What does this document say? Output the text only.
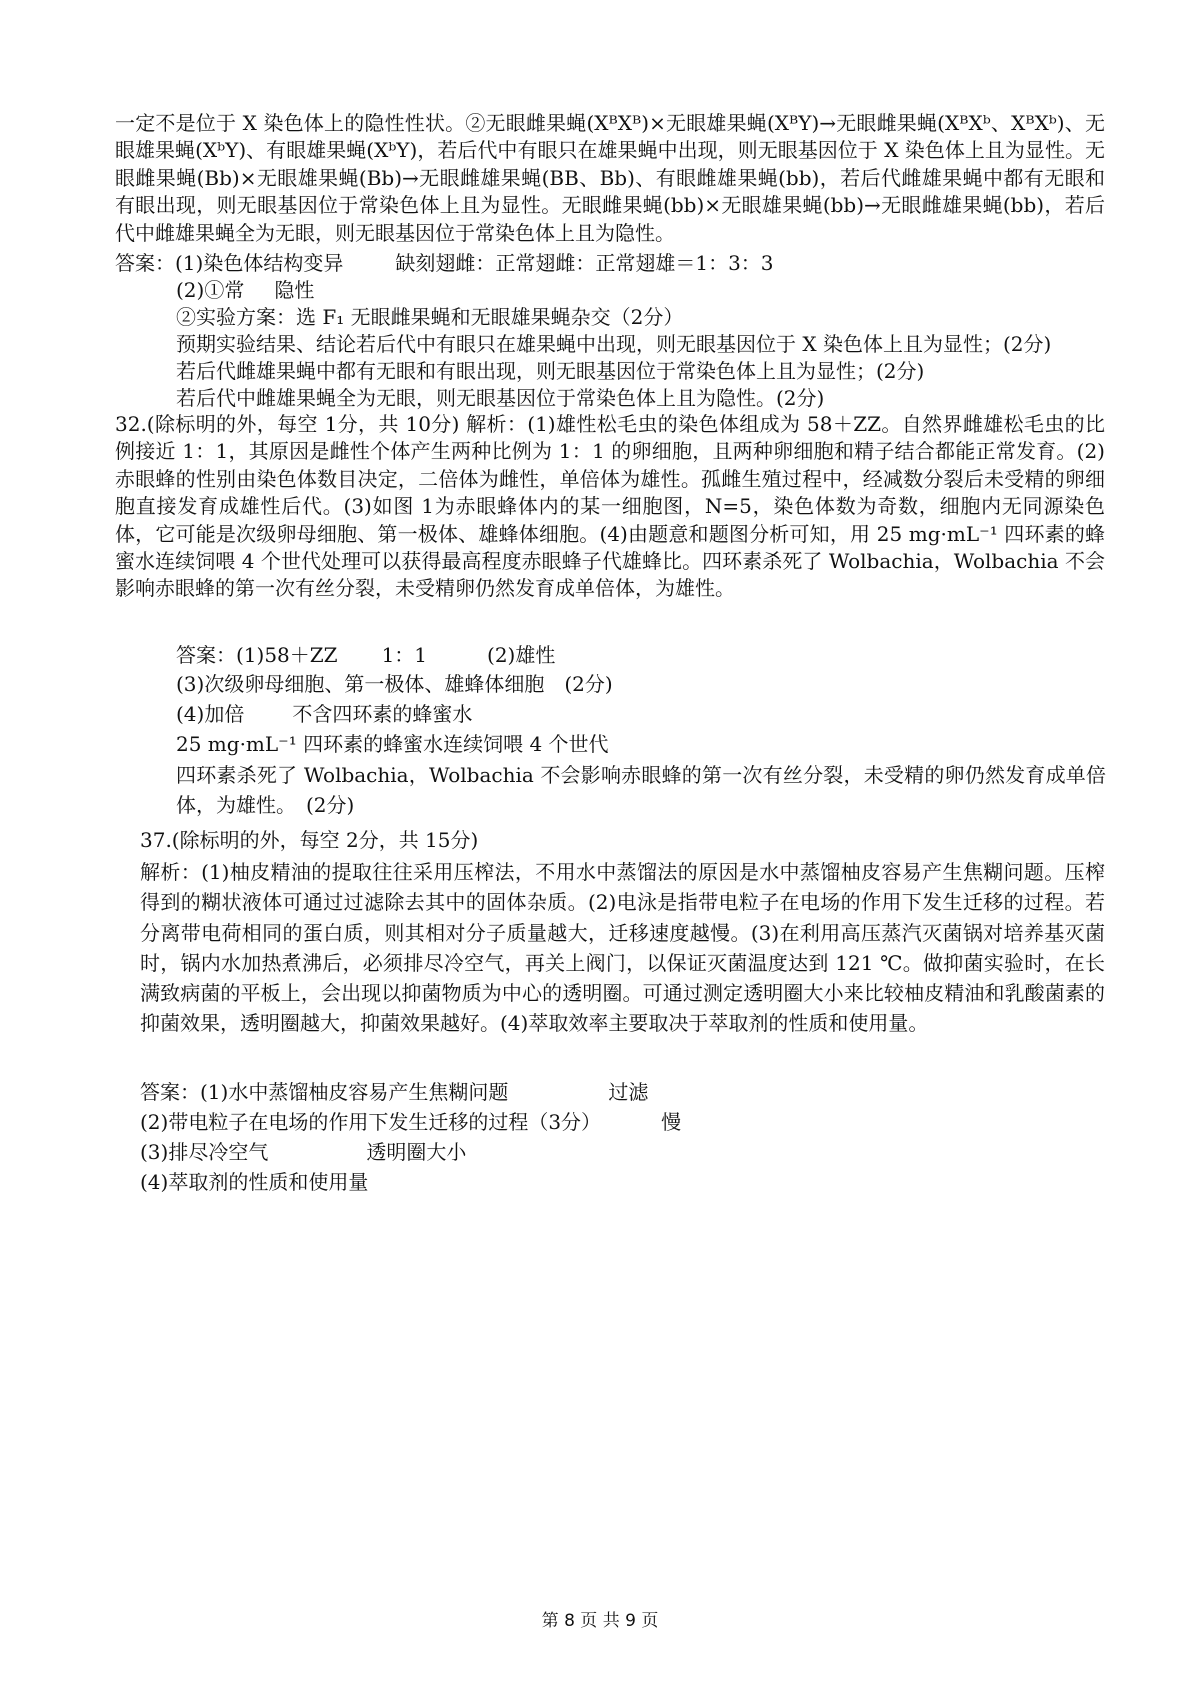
一定不是位于 X 染色体上的隐性性状。②无眼雌果蝇(XᴮXᴮ)×无眼雄果蝇(XᴮY)→无眼雌果蝇(XᴮXᵇ、XᴮXᵇ)、无眼雄果蝇(XᵇY)、有眼雄果蝇(XᵇY)，若后代中有眼只在雄果蝇中出现，则无眼基因位于 X 染色体上且为显性。无眼雌果蝇(Bb)×无眼雄果蝇(Bb)→无眼雌雄果蝇(BB、Bb)、有眼雌雄果蝇(bb)，若后代雌雄果蝇中都有无眼和有眼出现，则无眼基因位于常染色体上且为显性。无眼雌果蝇(bb)×无眼雄果蝇(bb)→无眼雌雄果蝇(bb)，若后代中雌雄果蝇全为无眼，则无眼基因位于常染色体上且为隐性。

答案：(1)染色体结构变异	缺刻翅雌：正常翅雌：正常翅雄＝1：3：3
(2)①常 隐性
②实验方案：选 F₁ 无眼雌果蝇和无眼雄果蝇杂交（2分）
预期实验结果、结论若后代中有眼只在雄果蝇中出现，则无眼基因位于 X 染色体上且为显性；(2分)
若后代雌雄果蝇中都有无眼和有眼出现，则无眼基因位于常染色体上且为显性；(2分)
若后代中雌雄果蝇全为无眼，则无眼基因位于常染色体上且为隐性。(2分)

32.(除标明的外，每空 1分，共 10分) 解析：(1)雄性松毛虫的染色体组成为 58＋ZZ。自然界雌雄松毛虫的比例接近 1：1，其原因是雌性个体产生两种比例为 1：1 的卵细胞，且两种卵细胞和精子结合都能正常发育。(2)赤眼蜂的性别由染色体数目决定，二倍体为雌性，单倍体为雄性。孤雌生殖过程中，经减数分裂后未受精的卵细胞直接发育成雄性后代。(3)如图 1为赤眼蜂体内的某一细胞图，N=5，染色体数为奇数，细胞内无同源染色体，它可能是次级卵母细胞、第一极体、雄蜂体细胞。(4)由题意和题图分析可知，用 25 mg·mL⁻¹ 四环素的蜂蜜水连续饲喂 4 个世代处理可以获得最高程度赤眼蜂子代雄蜂比。四环素杀死了 Wolbachia，Wolbachia 不会影响赤眼蜂的第一次有丝分裂，未受精卵仍然发育成单倍体，为雄性。

答案：(1)58＋ZZ 1：1	(2)雄性
(3)次级卵母细胞、第一极体、雄蜂体细胞　(2分)
(4)加倍 不含四环素的蜂蜜水
25 mg·mL⁻¹ 四环素的蜂蜜水连续饲喂 4 个世代

四环素杀死了 Wolbachia，Wolbachia 不会影响赤眼蜂的第一次有丝分裂，未受精的卵仍然发育成单倍体，为雄性。　(2分)

37.(除标明的外，每空 2分，共 15分)

解析：(1)柚皮精油的提取往往采用压榨法，不用水中蒸馏法的原因是水中蒸馏柚皮容易产生焦糊问题。压榨得到的糊状液体可通过过滤除去其中的固体杂质。(2)电泳是指带电粒子在电场的作用下发生迁移的过程。若分离带电荷相同的蛋白质，则其相对分子质量越大，迁移速度越慢。(3)在利用高压蒸汽灭菌锅对培养基灭菌时，锅内水加热煮沸后，必须排尽冷空气，再关上阀门，以保证灭菌温度达到 121 ℃。做抑菌实验时，在长满致病菌的平板上，会出现以抑菌物质为中心的透明圈。可通过测定透明圈大小来比较柚皮精油和乳酸菌素的抑菌效果，透明圈越大，抑菌效果越好。(4)萃取效率主要取决于萃取剂的性质和使用量。

答案：(1)水中蒸馏柚皮容易产生焦糊问题	过滤
(2)带电粒子在电场的作用下发生迁移的过程（3分）	慢
(3)排尽冷空气	透明圈大小
(4)萃取剂的性质和使用量
第 8 页 共 9 页
